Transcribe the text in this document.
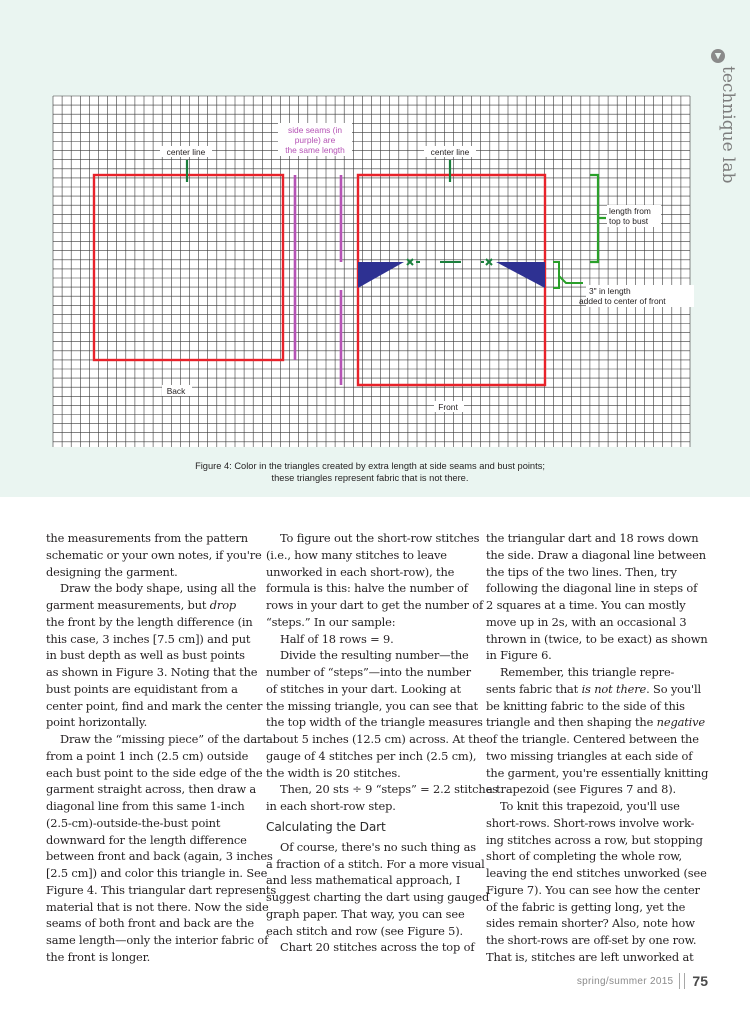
technique lab
center line	center line
side seams (in
purple) are
the same length
length from
top to bust
3" in length
added to center of front
Back
Front
Figure 4: Color in the triangles created by extra length at side seams and bust points;
these triangles represent fabric that is not there.
the measurements from the pattern
schematic or your own notes, if you're
designing the garment.
Draw the body shape, using all the
garment measurements, but drop
the front by the length difference (in
this case, 3 inches [7.5 cm]) and put
in bust depth as well as bust points
as shown in Figure 3. Noting that the
bust points are equidistant from a
center point, find and mark the center
point horizontally.
Draw the “missing piece” of the dart
from a point 1 inch (2.5 cm) outside
each bust point to the side edge of the
garment straight across, then draw a
diagonal line from this same 1-inch
(2.5-cm)-outside-the-bust point
downward for the length difference
between front and back (again, 3 inches
[2.5 cm]) and color this triangle in. See
Figure 4. This triangular dart represents
material that is not there. Now the side
seams of both front and back are the
same length—only the interior fabric of
the front is longer.
To figure out the short-row stitches
(i.e., how many stitches to leave
unworked in each short-row), the
formula is this: halve the number of
rows in your dart to get the number of
“steps.” In our sample:
Half of 18 rows = 9.
Divide the resulting number—the
number of “steps”—into the number
of stitches in your dart. Looking at
the missing triangle, you can see that
the top width of the triangle measures
about 5 inches (12.5 cm) across. At the
gauge of 4 stitches per inch (2.5 cm),
the width is 20 stitches.
Then, 20 sts ÷ 9 “steps” = 2.2 stitches
in each short-row step.
Calculating the Dart
Of course, there's no such thing as
a fraction of a stitch. For a more visual
and less mathematical approach, I
suggest charting the dart using gauged
graph paper. That way, you can see
each stitch and row (see Figure 5).
Chart 20 stitches across the top of
the triangular dart and 18 rows down
the side. Draw a diagonal line between
the tips of the two lines. Then, try
following the diagonal line in steps of
2 squares at a time. You can mostly
move up in 2s, with an occasional 3
thrown in (twice, to be exact) as shown
in Figure 6.
Remember, this triangle repre-
sents fabric that is not there. So you'll
be knitting fabric to the side of this
triangle and then shaping the negative
of the triangle. Centered between the
two missing triangles at each side of
the garment, you're essentially knitting
a trapezoid (see Figures 7 and 8).
To knit this trapezoid, you'll use
short-rows. Short-rows involve work-
ing stitches across a row, but stopping
short of completing the whole row,
leaving the end stitches unworked (see
Figure 7). You can see how the center
of the fabric is getting long, yet the
sides remain shorter? Also, note how
the short-rows are off-set by one row.
That is, stitches are left unworked at
spring/summer 2015 75
